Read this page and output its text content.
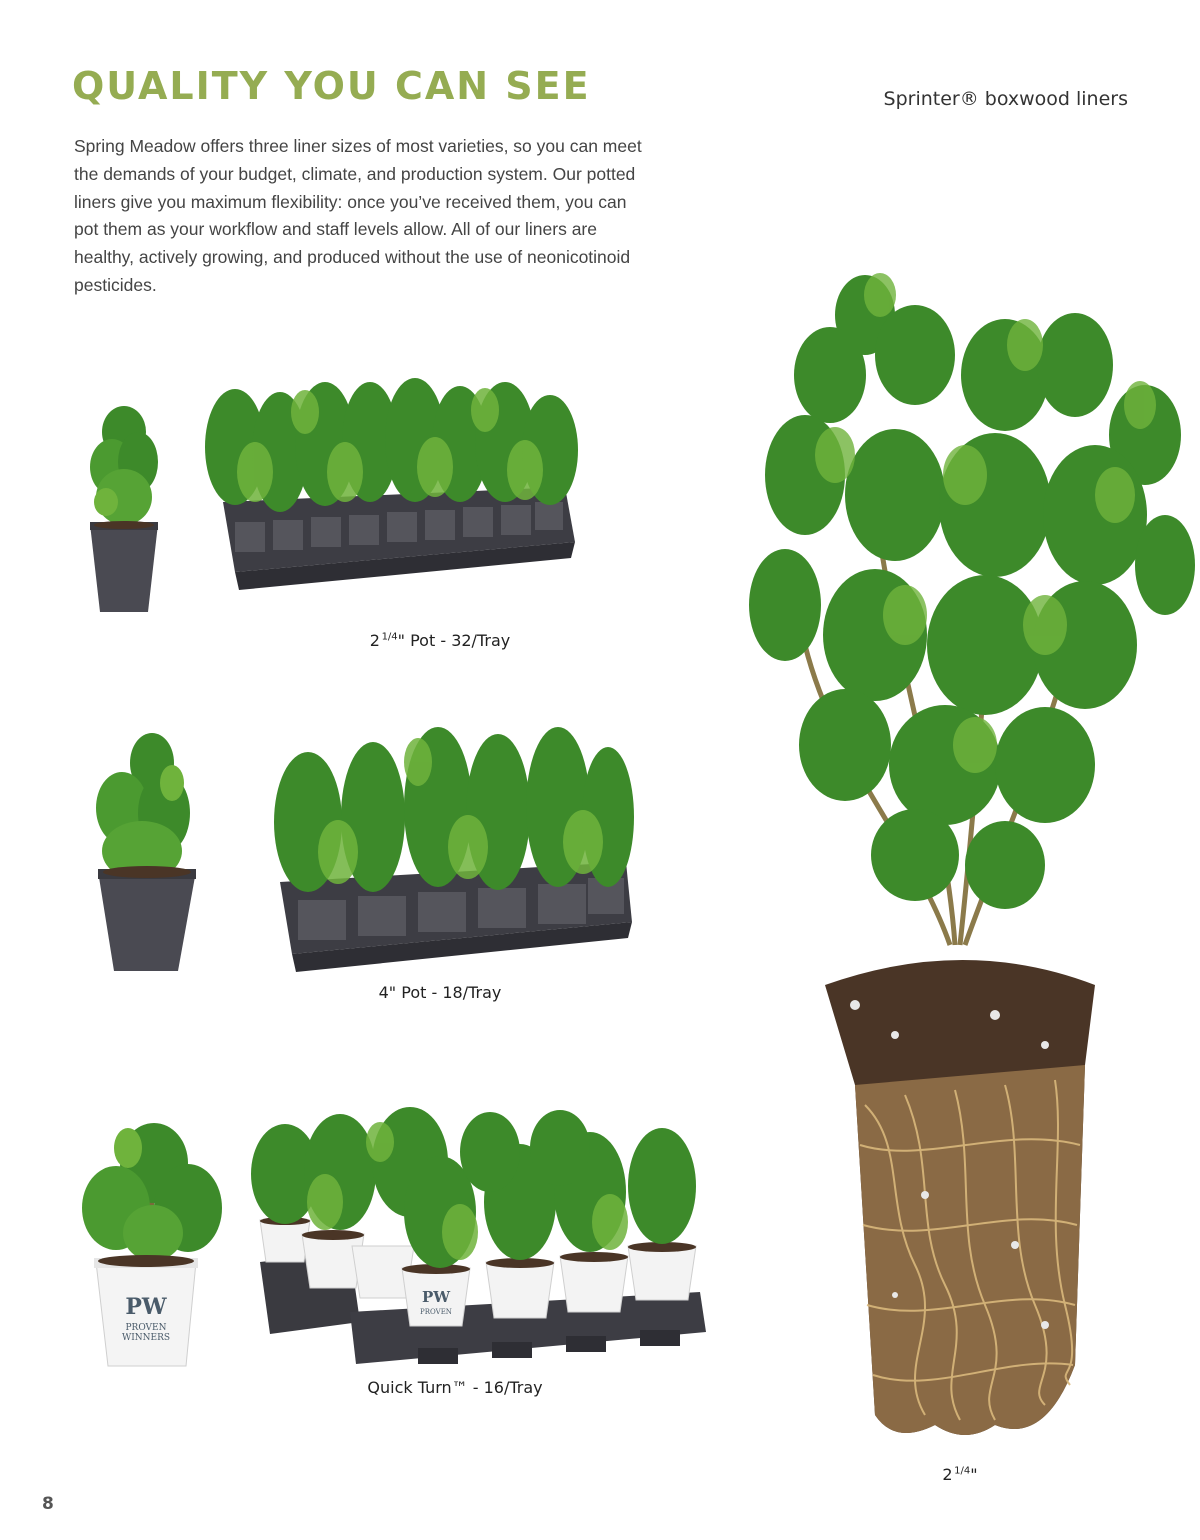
QUALITY YOU CAN SEE

Spring Meadow offers three liner sizes of most varieties, so you can meet the demands of your budget, climate, and production system. Our potted liners give you maximum flexibility: once you’ve received them, you can pot them as your workflow and staff levels allow. All of our liners are healthy, actively growing, and produced without the use of neonicotinoid pesticides.

Sprinter® boxwood liners
2  $^{1/4}$" Pot - 32/Tray
4" Pot - 18/Tray
PW
PROVEN
WINNERS
PW
PROVEN
Quick Turn™ - 16/Tray
2  $^{1/4}$"
8
